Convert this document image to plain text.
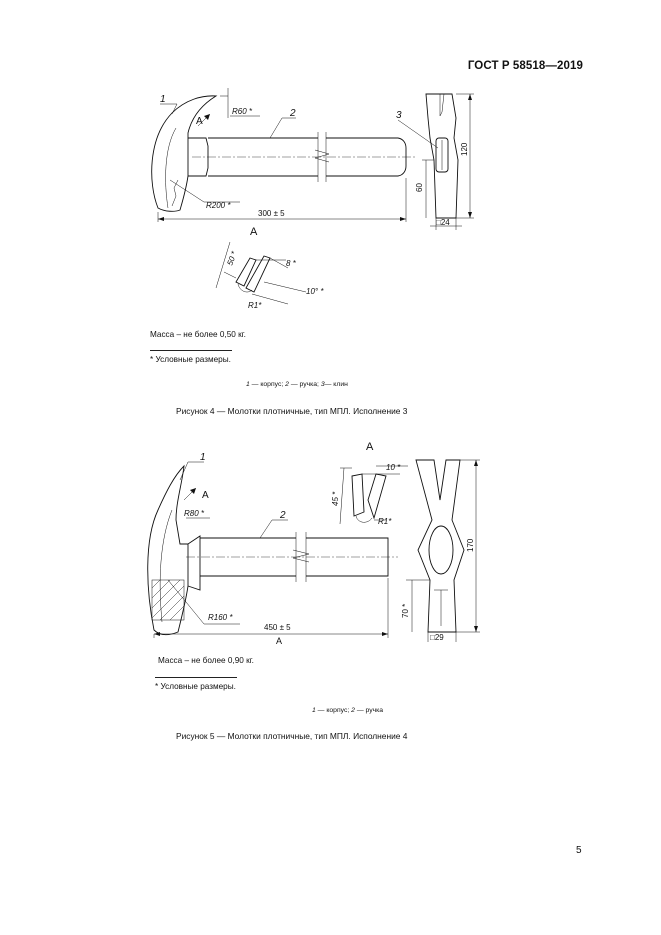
ГОСТ Р 58518—2019
1
2
A
R60 *
R200 *
300 ± 5
3
120
60
□24
A
50 *	8 *
10° *
R1*
Масса – не более 0,50 кг.
* Условные размеры.
1 — корпус; 2 — ручка; 3— клин
Рисунок 4 — Молотки плотничные, тип МПЛ. Исполнение 3
1
2
A
R80 *
R160 *
450 ± 5
A
170
70 *
□29
A
45 *
10 *
R1*
Масса – не более 0,90 кг.
* Условные размеры.
1 — корпус; 2 — ручка
Рисунок 5 — Молотки плотничные, тип МПЛ. Исполнение 4
5
